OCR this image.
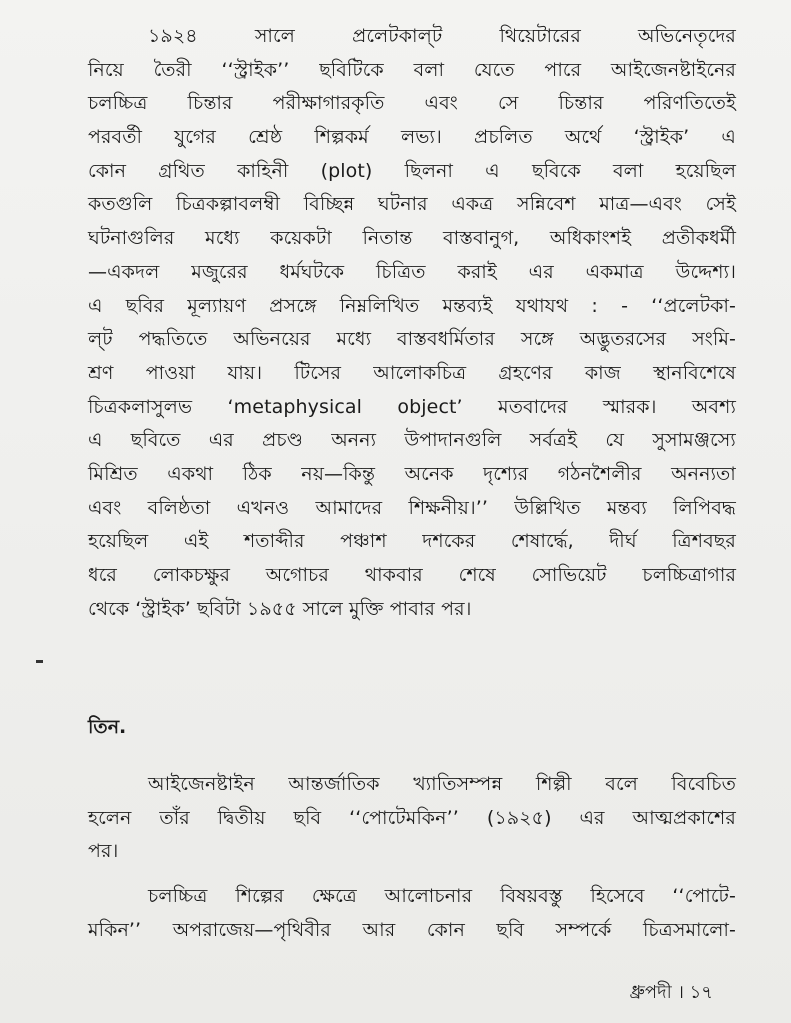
১৯২৪	সালে	প্রলেটকাল্‌ট	থিয়েটারের	অভিনেতৃদের
নিয়ে তৈরী ‘‘স্ট্রাইক’’ ছবিটিকে বলা যেতে পারে আইজেনষ্টাইনের
চলচ্চিত্র চিন্তার পরীক্ষাগারকৃতি এবং সে চিন্তার পরিণতিতেই
পরবর্তী যুগের শ্রেষ্ঠ শিল্পকর্ম লভ্য। প্রচলিত অর্থে ‘স্ট্রাইক’ এ
কোন গ্রথিত কাহিনী (plot) ছিলনা এ ছবিকে বলা হয়েছিল
কতগুলি চিত্রকল্পাবলম্বী বিচ্ছিন্ন ঘটনার একত্র সন্নিবেশ মাত্র—এবং সেই
ঘটনাগুলির মধ্যে কয়েকটা নিতান্ত বাস্তবানুগ, অধিকাংশই প্রতীকধর্মী
—একদল মজুরের ধর্মঘটকে চিত্রিত করাই এর একমাত্র উদ্দেশ্য।
এ ছবির মূল্যায়ণ প্রসঙ্গে নিম্নলিখিত মন্তব্যই যথাযথ : - ‘‘প্রলেটকা-
ল্‌ট পদ্ধতিতে অভিনয়ের মধ্যে বাস্তবধর্মিতার সঙ্গে অদ্ভুতরসের সংমি-
শ্রণ পাওয়া যায়। টিসের আলোকচিত্র গ্রহণের কাজ স্থানবিশেষে
চিত্রকলাসুলভ ‘metaphysical object’ মতবাদের স্মারক। অবশ্য
এ ছবিতে এর প্রচণ্ড অনন্য উপাদানগুলি সর্বত্রই যে সুসামঞ্জস্যে
মিশ্রিত একথা ঠিক নয়—কিন্তু অনেক দৃশ্যের গঠনশৈলীর অনন্যতা
এবং বলিষ্ঠতা এখনও আমাদের শিক্ষনীয়।’’ উল্লিখিত মন্তব্য লিপিবদ্ধ
হয়েছিল এই শতাব্দীর পঞ্চাশ দশকের শেষার্দ্ধে, দীর্ঘ ত্রিশবছর
ধরে লোকচক্ষুর অগোচর থাকবার শেষে সোভিয়েট চলচ্চিত্রাগার
থেকে ‘স্ট্রাইক’ ছবিটা ১৯৫৫ সালে মুক্তি পাবার পর।
তিন.
আইজেনষ্টাইন আন্তর্জাতিক খ্যাতিসম্পন্ন শিল্পী বলে বিবেচিত
হলেন তাঁর দ্বিতীয় ছবি ‘‘পোটেমকিন’’ (১৯২৫) এর আত্মপ্রকাশের
পর।
চলচ্চিত্র শিল্পের ক্ষেত্রে আলোচনার বিষয়বস্তু হিসেবে ‘‘পোটে-
মকিন’’ অপরাজেয়—পৃথিবীর আর কোন ছবি সম্পর্কে চিত্রসমালো-
ধ্রুপদী । ১৭
